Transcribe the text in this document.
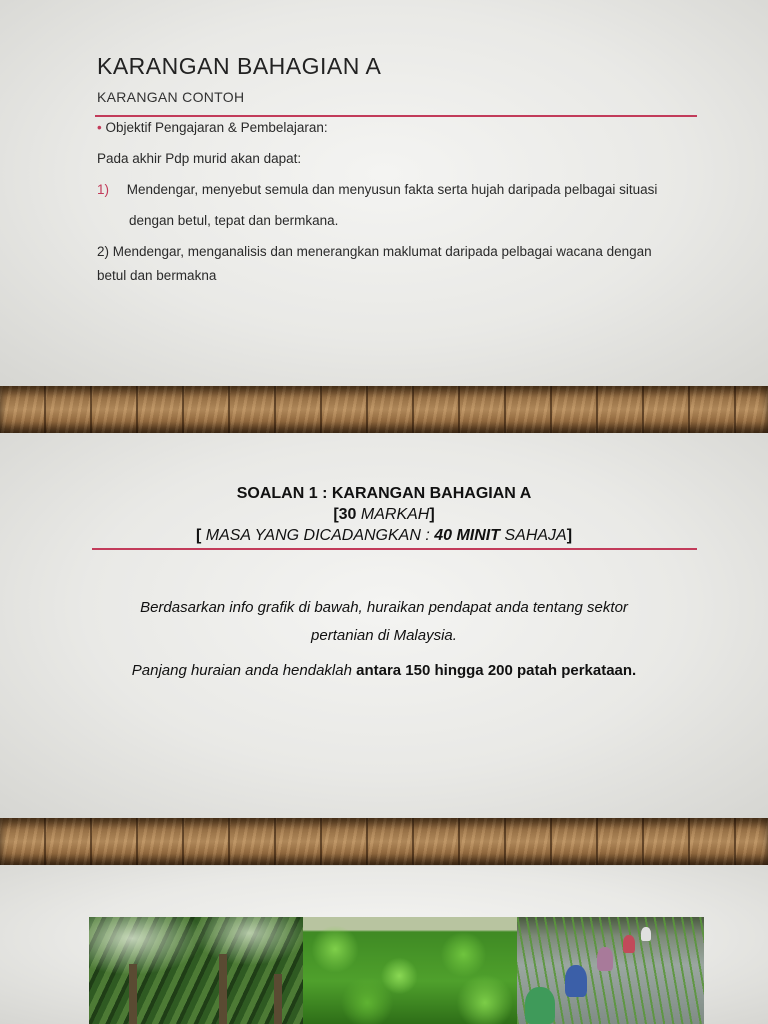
KARANGAN BAHAGIAN A
KARANGAN CONTOH
• Objektif Pengajaran & Pembelajaran:
Pada akhir Pdp murid akan dapat:
1) Mendengar, menyebut semula dan menyusun fakta serta hujah daripada pelbagai situasi
dengan betul, tepat dan bermkana.
2) Mendengar, menganalisis dan menerangkan maklumat daripada pelbagai wacana dengan
betul dan bermakna
SOALAN 1 : KARANGAN BAHAGIAN A
[30 MARKAH]
[ MASA YANG DICADANGKAN : 40 MINIT SAHAJA]
Berdasarkan info grafik di bawah, huraikan pendapat anda tentang sektor
pertanian di Malaysia.
Panjang huraian anda hendaklah antara 150 hingga 200 patah perkataan.
